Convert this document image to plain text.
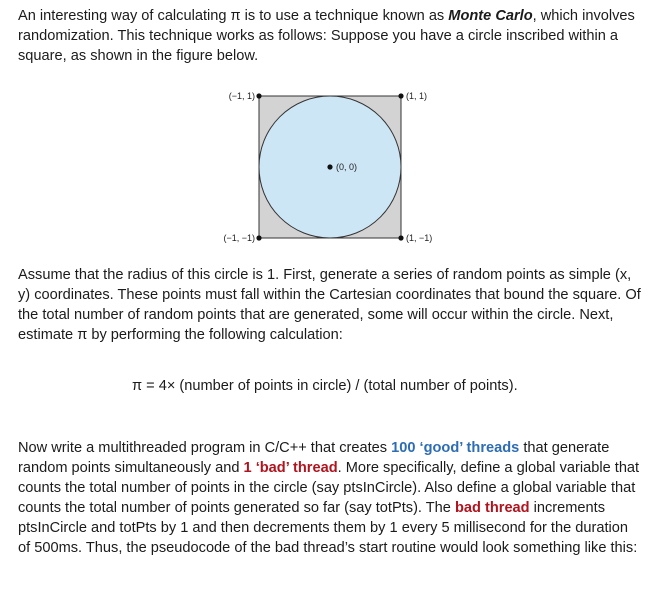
An interesting way of calculating π is to use a technique known as Monte Carlo, which involves randomization. This technique works as follows: Suppose you have a circle inscribed within a square, as shown in the figure below.

(−1, 1)	(1, 1)
(0, 0)
(−1, −1)	(1, −1)

Assume that the radius of this circle is 1. First, generate a series of random points as simple (x, y) coordinates. These points must fall within the Cartesian coordinates that bound the square. Of the total number of random points that are generated, some will occur within the circle. Next, estimate π by performing the following calculation:

π = 4× (number of points in circle) / (total number of points).

Now write a multithreaded program in C/C++ that creates 100 ‘good’ threads that generate random points simultaneously and 1 ‘bad’ thread. More specifically, define a global variable that counts the total number of points in the circle (say ptsInCircle). Also define a global variable that counts the total number of points generated so far (say totPts). The bad thread increments ptsInCircle and totPts by 1 and then decrements them by 1 every 5 millisecond for the duration of 500ms. Thus, the pseudocode of the bad thread’s start routine would look something like this:
